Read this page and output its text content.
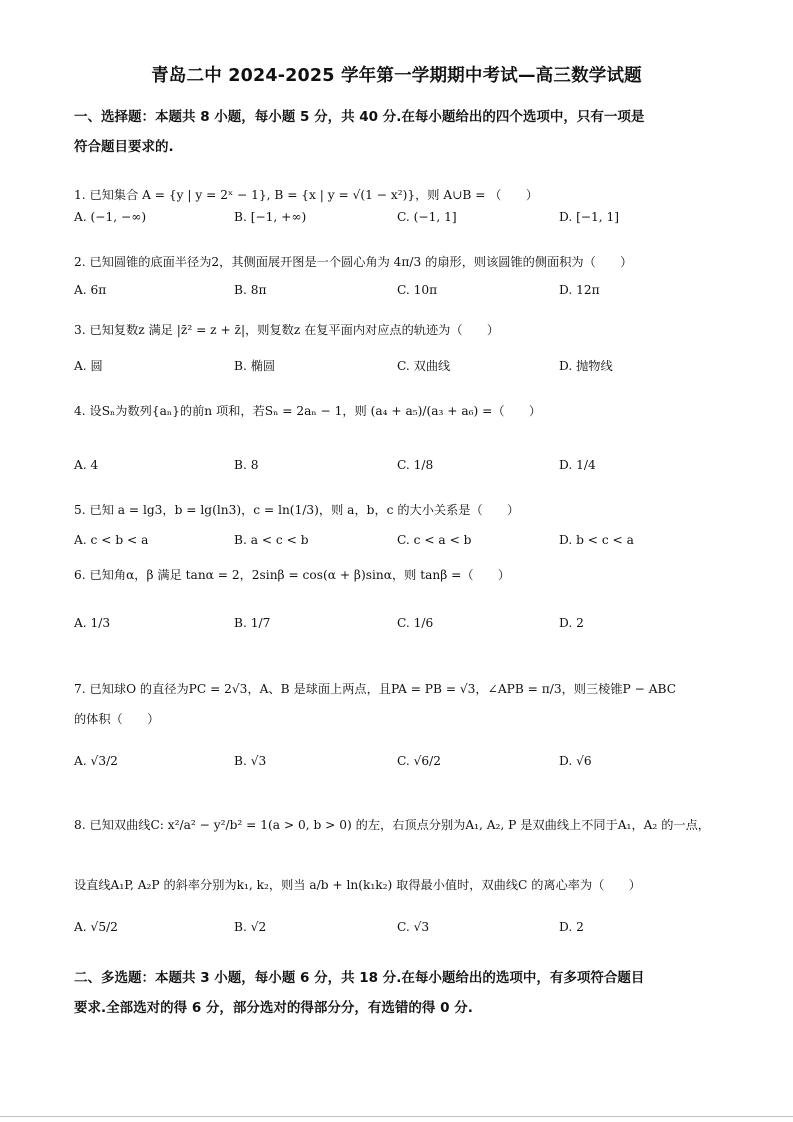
青岛二中 2024-2025 学年第一学期期中考试—高三数学试题
一、选择题：本题共 8 小题，每小题 5 分，共 40 分.在每小题给出的四个选项中，只有一项是
符合题目要求的.
1. 已知集合 A = {y | y = 2ˣ − 1}, B = {x | y = √(1 − x²)}，则 A∪B = （　　）
A. (−1, −∞)	B. [−1, +∞)	C. (−1, 1]	D. [−1, 1]
2. 已知圆锥的底面半径为2，其侧面展开图是一个圆心角为 4π/3 的扇形，则该圆锥的侧面积为（　　）
A. 6π	B. 8π	C. 10π	D. 12π
3. 已知复数z 满足 |z̄² = z + z̄|，则复数z 在复平面内对应点的轨迹为（　　）
A. 圆	B. 椭圆	C. 双曲线	D. 抛物线
4. 设Sₙ为数列{aₙ}的前n 项和，若Sₙ = 2aₙ − 1，则 (a₄ + a₅)/(a₃ + a₆) =（　　）
A. 4	B. 8	C. 1/8	D. 1/4
5. 已知 a = lg3，b = lg(ln3)，c = ln(1/3)，则 a，b，c 的大小关系是（　　）
A. c < b < a	B. a < c < b	C. c < a < b	D. b < c < a
6. 已知角α，β 满足 tanα = 2，2sinβ = cos(α + β)sinα，则 tanβ =（　　）
A. 1/3	B. 1/7	C. 1/6	D. 2
7. 已知球O 的直径为PC = 2√3，A、B 是球面上两点，且PA = PB = √3，∠APB = π/3，则三棱锥P − ABC
的体积（　　）
A. √3/2	B. √3	C. √6/2	D. √6
8. 已知双曲线C: x²/a² − y²/b² = 1(a > 0, b > 0) 的左，右顶点分别为A₁, A₂, P 是双曲线上不同于A₁，A₂ 的一点，
设直线A₁P, A₂P 的斜率分别为k₁, k₂，则当 a/b + ln(k₁k₂) 取得最小值时，双曲线C 的离心率为（　　）
A. √5/2	B. √2	C. √3	D. 2
二、多选题：本题共 3 小题，每小题 6 分，共 18 分.在每小题给出的选项中，有多项符合题目
要求.全部选对的得 6 分，部分选对的得部分分，有选错的得 0 分.
